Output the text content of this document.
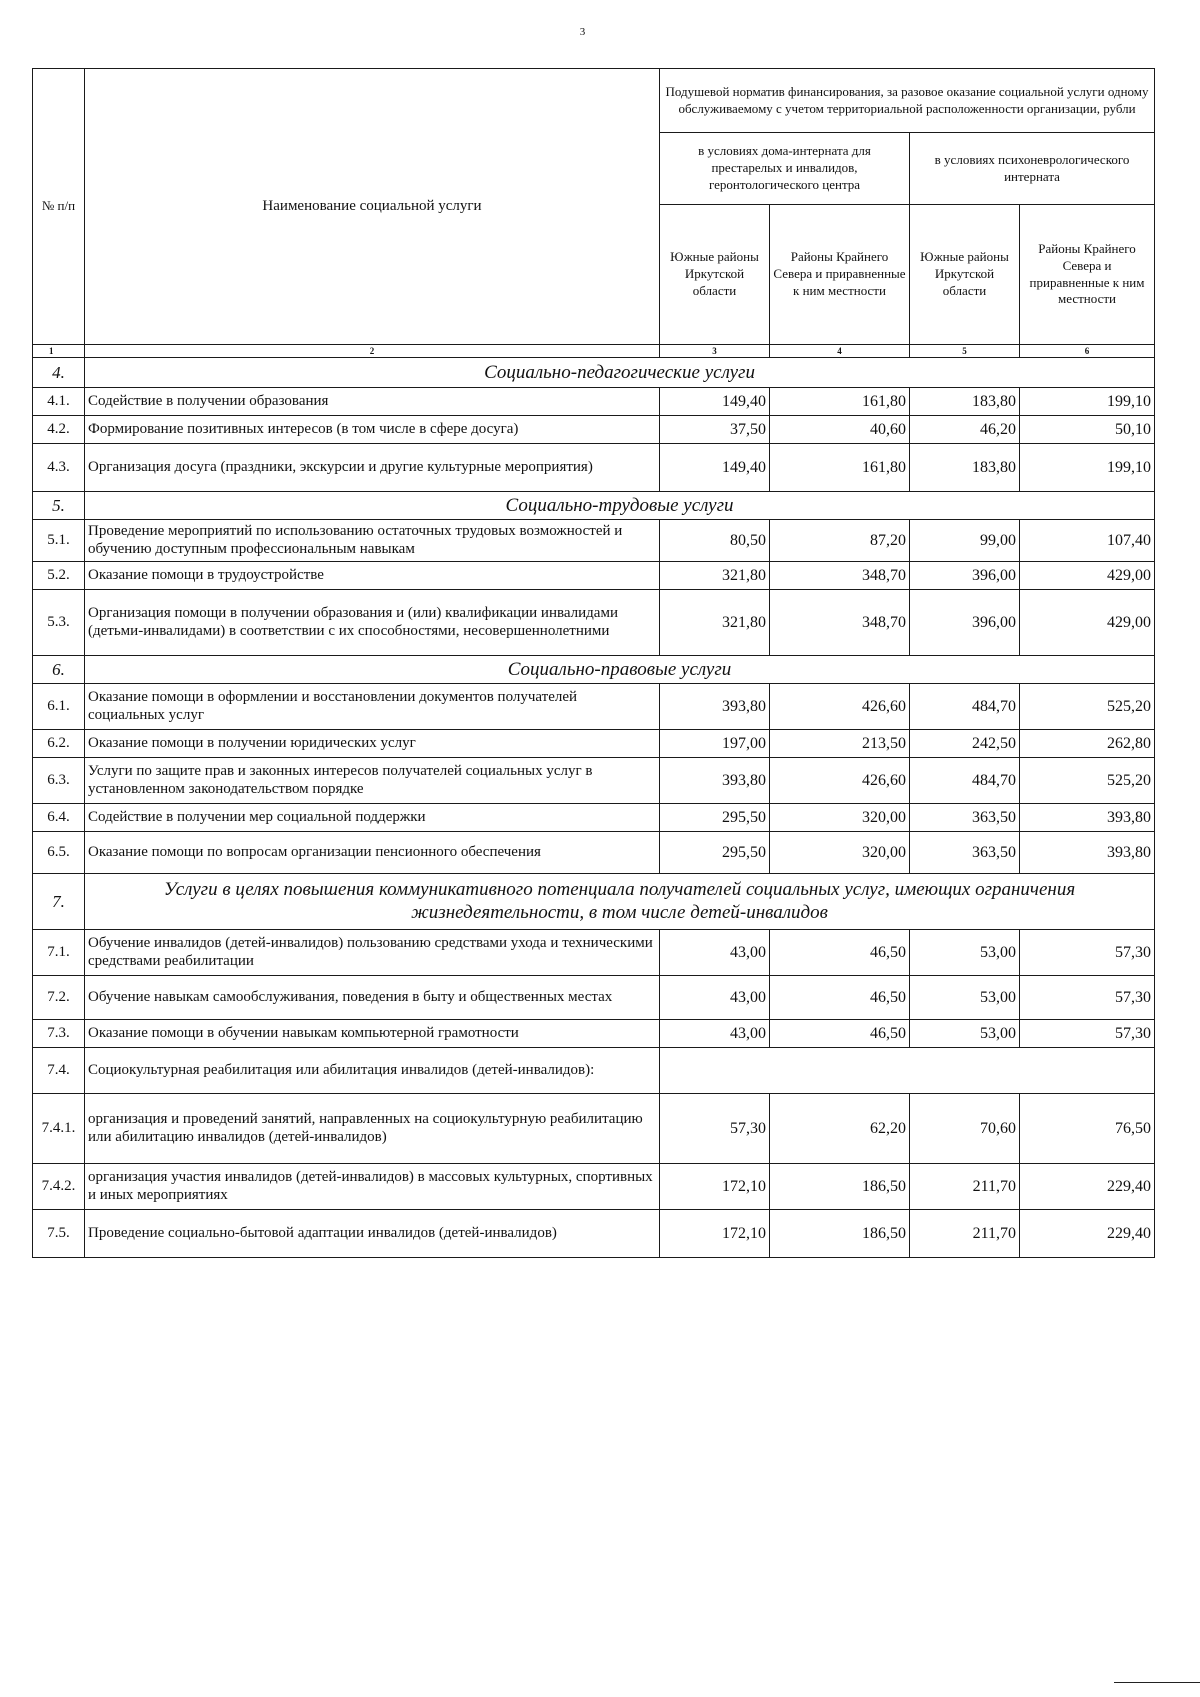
3
№ п/п	Наименование социальной услуги	Подушевой норматив финансирования, за разовое оказание социальной услуги одному обслуживаемому с учетом территориальной расположенности организации, рубли			
		в условиях дома-интерната для престарелых и инвалидов, геронтологического центра		в условиях психоневрологического интерната	
		Южные районы Иркутской области	Районы Крайнего Севера и приравненные к ним местности	Южные районы Иркутской области	Районы Крайнего Севера и приравненные к ним местности
1	2	3	4	5	6
4.	Социально-педагогические услуги				
4.1.	Содействие в получении образования	149,40	161,80	183,80	199,10
4.2.	Формирование позитивных интересов (в том числе в сфере досуга)	37,50	40,60	46,20	50,10
4.3.	Организация досуга (праздники, экскурсии и другие культурные мероприятия)	149,40	161,80	183,80	199,10
5.	Социально-трудовые услуги				
5.1.	Проведение мероприятий по использованию остаточных трудовых возможностей и обучению доступным профессиональным навыкам	80,50	87,20	99,00	107,40
5.2.	Оказание помощи в трудоустройстве	321,80	348,70	396,00	429,00
5.3.	Организация помощи в получении образования и (или) квалификации инвалидами (детьми-инвалидами) в соответствии с их способностями, несовершеннолетними	321,80	348,70	396,00	429,00
6.	Социально-правовые услуги				
6.1.	Оказание помощи в оформлении и восстановлении документов получателей социальных услуг	393,80	426,60	484,70	525,20
6.2.	Оказание помощи в получении юридических услуг	197,00	213,50	242,50	262,80
6.3.	Услуги по защите прав и законных интересов получателей социальных услуг в установленном законодательством порядке	393,80	426,60	484,70	525,20
6.4.	Содействие в получении мер социальной поддержки	295,50	320,00	363,50	393,80
6.5.	Оказание помощи по вопросам организации пенсионного обеспечения	295,50	320,00	363,50	393,80
7.	Услуги в целях повышения коммуникативного потенциала получателей социальных услуг, имеющих ограничения жизнедеятельности, в том числе детей-инвалидов				
7.1.	Обучение инвалидов (детей-инвалидов) пользованию средствами ухода и техническими средствами реабилитации	43,00	46,50	53,00	57,30
7.2.	Обучение навыкам самообслуживания, поведения в быту и общественных местах	43,00	46,50	53,00	57,30
7.3.	Оказание помощи в обучении навыкам компьютерной грамотности	43,00	46,50	53,00	57,30
7.4.	Социокультурная реабилитация или абилитация инвалидов (детей-инвалидов):				
7.4.1.	организация и проведений занятий, направленных на социокультурную реабилитацию или абилитацию инвалидов (детей-инвалидов)	57,30	62,20	70,60	76,50
7.4.2.	организация участия инвалидов (детей-инвалидов) в массовых культурных, спортивных и иных мероприятиях	172,10	186,50	211,70	229,40
7.5.	Проведение социально-бытовой адаптации инвалидов (детей-инвалидов)	172,10	186,50	211,70	229,40
